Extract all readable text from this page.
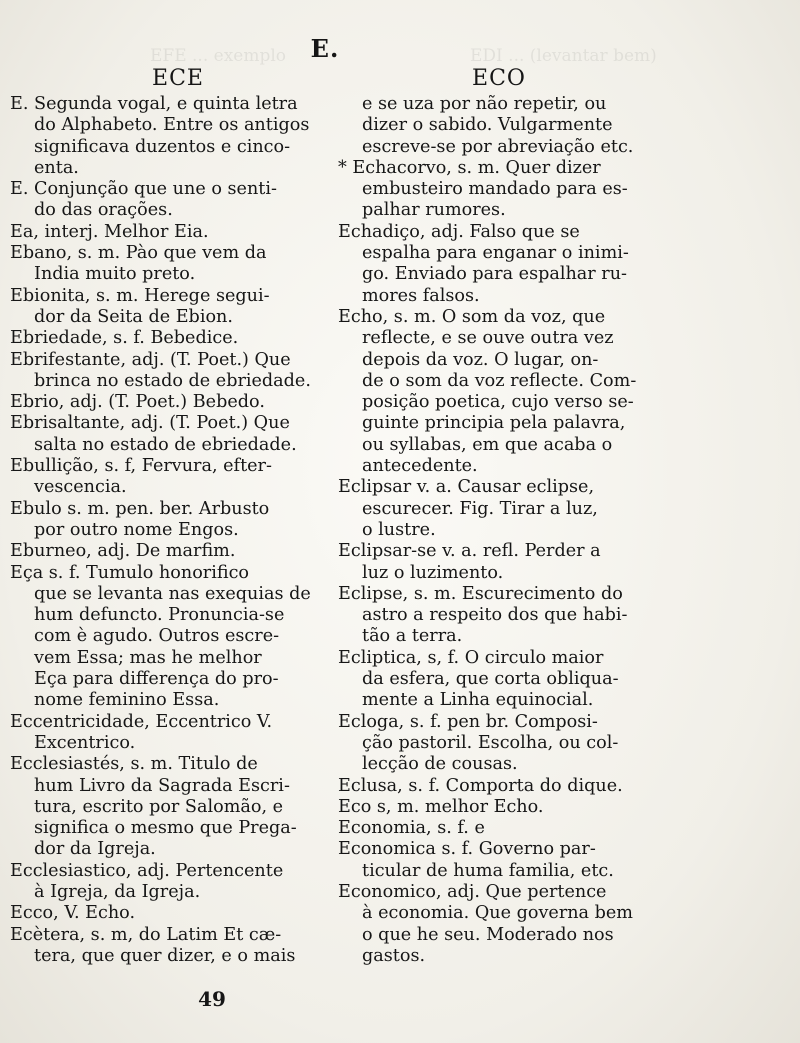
EFE ... exemplo	EDI ... (levantar bem)
E.
ECE
E. Segunda vogal, e quinta letra
do Alphabeto. Entre os antigos
significava duzentos e cinco-
enta.
E. Conjunção que une o senti-
do das orações.
Ea, interj. Melhor Eia.
Ebano, s. m. Pào que vem da
India muito preto.
Ebionita, s. m. Herege segui-
dor da Seita de Ebion.
Ebriedade, s. f. Bebedice.
Ebrifestante, adj. (T. Poet.) Que
brinca no estado de ebriedade.
Ebrio, adj. (T. Poet.) Bebedo.
Ebrisaltante, adj. (T. Poet.) Que
salta no estado de ebriedade.
Ebullição, s. f, Fervura, efter-
vescencia.
Ebulo s. m. pen. ber. Arbusto
por outro nome Engos.
Eburneo, adj. De marfim.
Eça s. f. Tumulo honorifico
que se levanta nas exequias de
hum defuncto. Pronuncia-se
com è agudo. Outros escre-
vem Essa; mas he melhor
Eça para differença do pro-
nome feminino Essa.
Eccentricidade, Eccentrico V.
Excentrico.
Ecclesiastés, s. m. Titulo de
hum Livro da Sagrada Escri-
tura, escrito por Salomão, e
significa o mesmo que Prega-
dor da Igreja.
Ecclesiastico, adj. Pertencente
à Igreja, da Igreja.
Ecco, V. Echo.
Ecètera, s. m, do Latim Et cæ-
tera, que quer dizer, e o mais
ECO
e se uza por não repetir, ou
dizer o sabido. Vulgarmente
escreve-se por abreviação etc.
* Echacorvo, s. m. Quer dizer
embusteiro mandado para es-
palhar rumores.
Echadiço, adj. Falso que se
espalha para enganar o inimi-
go. Enviado para espalhar ru-
mores falsos.
Echo, s. m. O som da voz, que
reflecte, e se ouve outra vez
depois da voz. O lugar, on-
de o som da voz reflecte. Com-
posição poetica, cujo verso se-
guinte principia pela palavra,
ou syllabas, em que acaba o
antecedente.
Eclipsar v. a. Causar eclipse,
escurecer. Fig. Tirar a luz,
o lustre.
Eclipsar-se v. a. refl. Perder a
luz o luzimento.
Eclipse, s. m. Escurecimento do
astro a respeito dos que habi-
tão a terra.
Ecliptica, s, f. O circulo maior
da esfera, que corta obliqua-
mente a Linha equinocial.
Ecloga, s. f. pen br. Composi-
ção pastoril. Escolha, ou col-
lecção de cousas.
Eclusa, s. f. Comporta do dique.
Eco s, m. melhor Echo.
Economia, s. f. e
Economica s. f. Governo par-
ticular de huma familia, etc.
Economico, adj. Que pertence
à economia. Que governa bem
o que he seu. Moderado nos
gastos.
49
